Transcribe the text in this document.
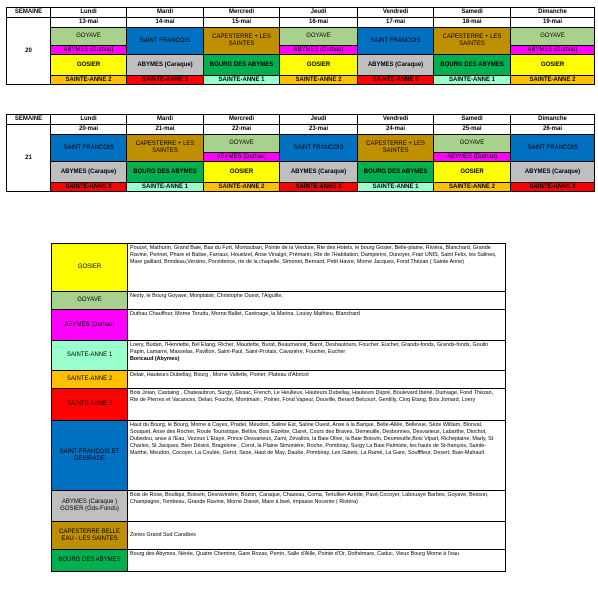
SEMAINE	Lundi	Mardi	Mercredi	Jeudi	Vendredi	Samedi	Dimanche
20	13-mai	14-mai	15-mai	16-mai	17-mai	18-mai	19-mai
	GOYAVE	SAINT FRANCOIS	CAPESTERRE + LES SAINTES	GOYAVE	SAINT FRANCOIS	CAPESTERRE + LES SAINTES	GOYAVE
	ABYMES (Duthau)			ABYMES (Duthau)			ABYMES (Duthau)
	GOSIER	ABYMES (Caraque)	BOURG DES ABYMES	GOSIER	ABYMES (Caraque)	BOURG DES ABYMES	GOSIER
	SAINTE-ANNE 2	SAINTE-ANNE 3	SAINTE-ANNE 1	SAINTE-ANNE 2	SAINTE-ANNE 3	SAINTE-ANNE 1	SAINTE-ANNE 2
SEMAINE	Lundi	Mardi	Mercredi	Jeudi	Vendredi	Samedi	Dimanche
21	20-mai	21-mai	22-mai	23-mai	24-mai	25-mai	26-mai
	SAINT FRANCOIS	CAPESTERRE + LES SAINTES	GOYAVE	SAINT FRANCOIS	CAPESTERRE + LES SAINTES	GOYAVE	SAINT FRANCOIS
			ABYMES (Duthau)			ABYMES (Duthau)	
	ABYMES (Caraque)	BOURG DES ABYMES	GOSIER	ABYMES (Caraque)	BOURG DES ABYMES	GOSIER	ABYMES (Caraque)
	SAINTE-ANNE 3	SAINTE-ANNE 1	SAINTE-ANNE 2	SAINTE-ANNE 3	SAINTE-ANNE 1	SAINTE-ANNE 2	SAINTE-ANNE 3
GOSIER	Poucet, Mathurin, Grand Baie, Bas du Fort, Montauban, Pointe de la Verdure, Rte des Hotels, le bourg Gosier, Belle-plaine, Riviéra, Blanchard, Grande Ravine, Perinet, Phare et Balise, Farraux, Houelzel, Anse Vinaigri, Prémarin, Rte de l'Habitation, Dampierre, Dunoyer, Frair UNIS, Saint Felix, les Salines, Mare gaillard, Brindeau,Versino, Porvidence, rte de la chapelle, Simonet, Bernard, Petit Havre, Morne Jacques, Fond Thézan ( Sainte Anne)
GOYAVE	Nesty, le Bourg Goyave, Monplaisir, Christophe Ouest, l'Aiguille,
ABYMES (Duthau)	Duthau Chauffour, Morne Torudu, Morne Ballet, Carénage, la Marina, Louisy Mathieu, Blanchard
SAINTE-ANNE 1	Loery, Budan, l'Henriette, Bel Etang, Richer, Maudette, Burat, Beaumanoir, Barot, Deshautours, Foucher, Eucher, Grands-fonds, Grands-fonds, Goulin Papin, Lamarre, Masselas, Pavillon, Saint-Paul, Saint-Protais, Cavarière, Foucher, Eucher
Boricaud (Abymes)

SAINTE-ANNE 2	Delair, Hauteurs Dubellay, Bourg , Morne Vallette, Poirier, Plateau d'Abricot
SAINTE-ANNE 3	Bois Jolan, Castaing , Chateaubrun, Surgy, Gissac, French, Le Heulleux, Hauteurs Dubellay, Hauteurs Dupré, Boulevard Ibéné, Durivage, Fond Thézan, Rte de Pierres et Vacances, Delair, Fouché, Montmain , Poirier, Fond Vapeur, Douville, Berard Belcourt, Gentilly, Cinq Etang, Bois Jomard, Loery
SAINT-FRANCOIS ET DESIRADE	Haut du Bourg, le Bourg, Morne à Cayes, Pradel, Meudon, Saline Est, Saline Ouest, Anse à la Barque, Belle-Allée, Bellevue, Sèze William, Blonval, Souquet, Anse des Rocher, Route Touristique, Bellov, Bois Euzèbe, Claret, Cours des Braves, Demeuille, Desbonnes, Desvarieux, Labarthe, Diochot, Dubedou, anse à l'Eau, Vezoux L'Etaye, Prince Desvarieux, Zami, Zévallos, la Baie Olive, la Baie Boisvin, Deumeuille,Bois Vipart, Richeplaine, Marly, St Charles, St Jacques, Bien Désiré, Bragelone , Corot, la Plaine Simonière, Roche, Pombiray, Surgy La Baie Palmiste, les hauts de St-françois, Sainte-Marthe, Meudon, Cocoyer, La Coulée, Gorot, Seze, Haut de May, Daube, Pombiray, Les Galets, La Ramé, La Gare, Soufffleur, Desert, Baie-Mahault
ABYMES (Caraque ) GOSIER (Gds-Fonds)	Bois de Rose, Bouliqui, Boisvin, Desravinière, Bozon, Caraque, Chazeau, Coma, Tertullien Azède, Pavé,Cocoyer, Labouaye Barbes, Goyave, Besson, Champagne, Tombeau, Grande Ravine, Morne Diavet, Mare à bwé, impasse Nocente ( Riviéra)
CAPESTERRE BELLE EAU - LES SAINTES	Zones Grand Sud Caraïbes
BOURG DES ABYMES	Bourg des Abymes, Nérée, Quatre Chemins, Gare Rozas, Perrin, Salle d'Aille, Pointe d'Or, Dothémare, Caduc, Vieux Bourg Morne à l'eau
